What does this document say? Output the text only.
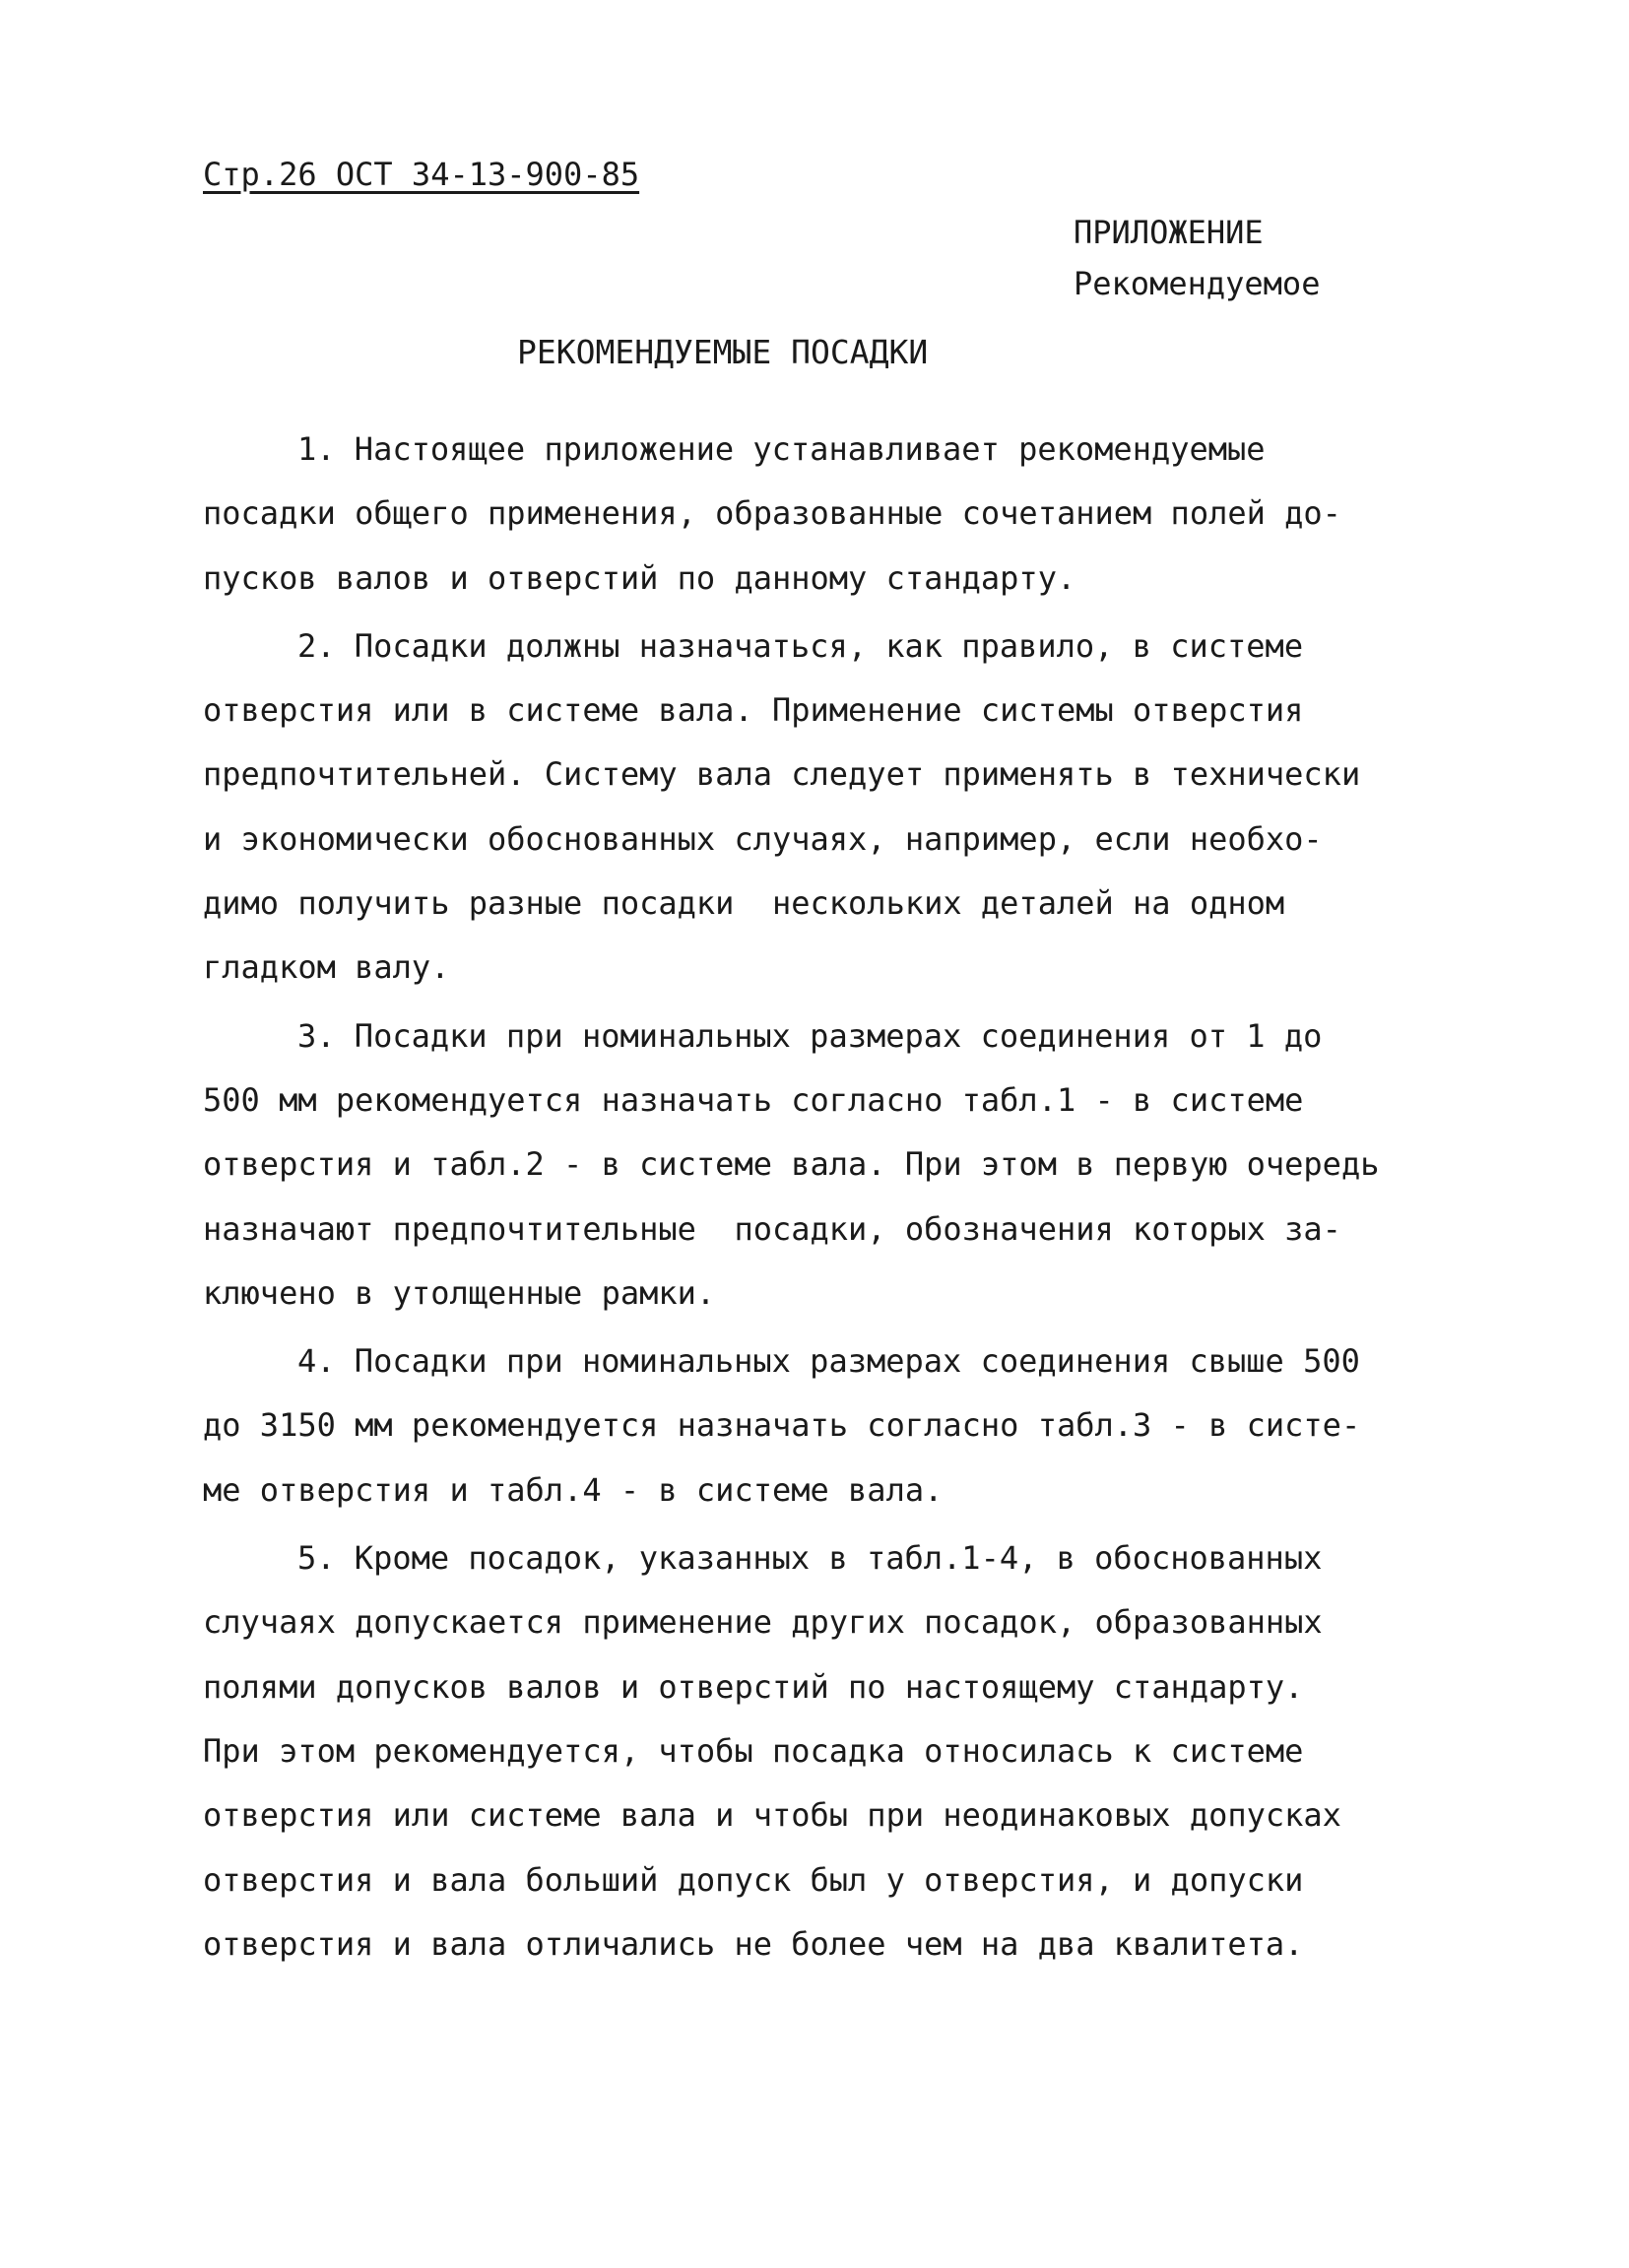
Стр.26 ОСТ 34-13-900-85
ПРИЛОЖЕНИЕ
Рекомендуемое
РЕКОМЕНДУЕМЫЕ ПОСАДКИ
1. Настоящее приложение устанавливает рекомендуемые
посадки общего применения, образованные сочетанием полей до-
пусков валов и отверстий по данному стандарту.
2. Посадки должны назначаться, как правило, в системе
отверстия или в системе вала. Применение системы отверстия
предпочтительней. Систему вала следует применять в технически
и экономически обоснованных случаях, например, если необхо-
димо получить разные посадки  нескольких деталей на одном
гладком валу.
3. Посадки при номинальных размерах соединения от 1 до
500 мм рекомендуется назначать согласно табл.1 - в системе
отверстия и табл.2 - в системе вала. При этом в первую очередь
назначают предпочтительные  посадки, обозначения которых за-
ключено в утолщенные рамки.
4. Посадки при номинальных размерах соединения свыше 500
до 3150 мм рекомендуется назначать согласно табл.3 - в систе-
ме отверстия и табл.4 - в системе вала.
5. Кроме посадок, указанных в табл.1-4, в обоснованных
случаях допускается применение других посадок, образованных
полями допусков валов и отверстий по настоящему стандарту.
При этом рекомендуется, чтобы посадка относилась к системе
отверстия или системе вала и чтобы при неодинаковых допусках
отверстия и вала больший допуск был у отверстия, и допуски
отверстия и вала отличались не более чем на два квалитета.
